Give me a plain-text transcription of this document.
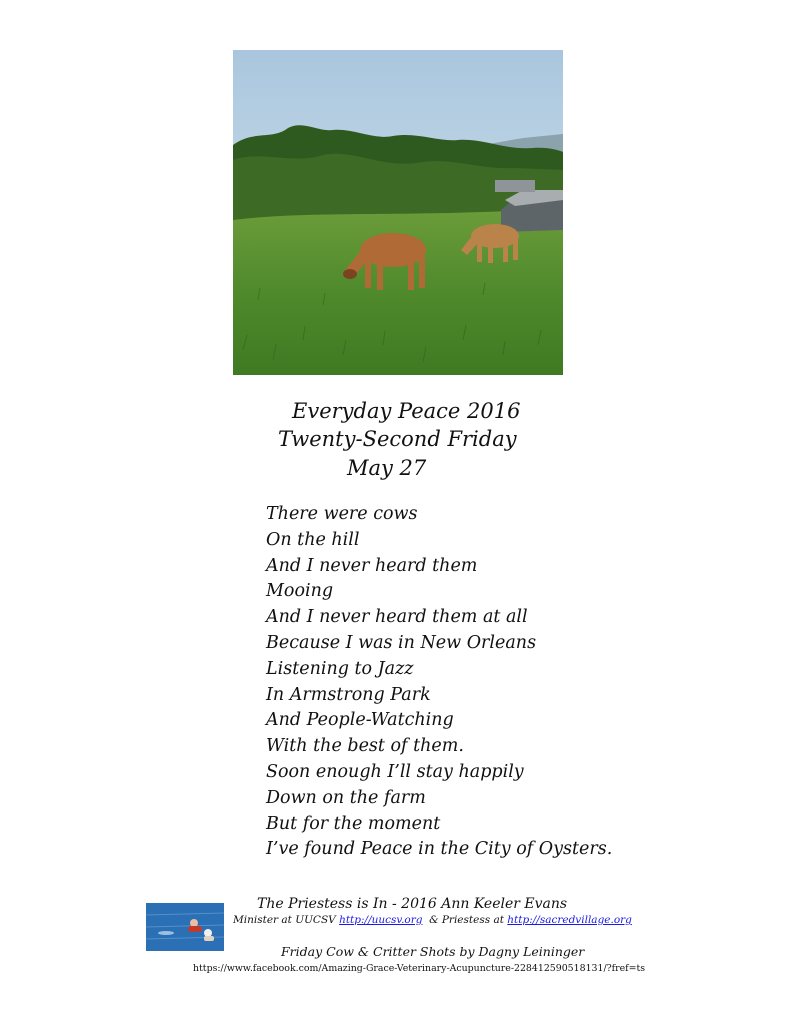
Everyday Peace 2016
Twenty-Second Friday
May 27
There were cows
On the hill
And I never heard them
Mooing
And I never heard them at all
Because I was in New Orleans
Listening to Jazz
In Armstrong Park
And People-Watching
With the best of them.
Soon enough I’ll stay happily
Down on the farm
But for the moment
I’ve found Peace in the City of Oysters.
The Priestess is In - 2016 Ann Keeler Evans
Minister at UUCSV http://uucsv.org  & Priestess at http://sacredvillage.org
Friday Cow & Critter Shots by Dagny Leininger
https://www.facebook.com/Amazing-Grace-Veterinary-Acupuncture-228412590518131/?fref=ts
